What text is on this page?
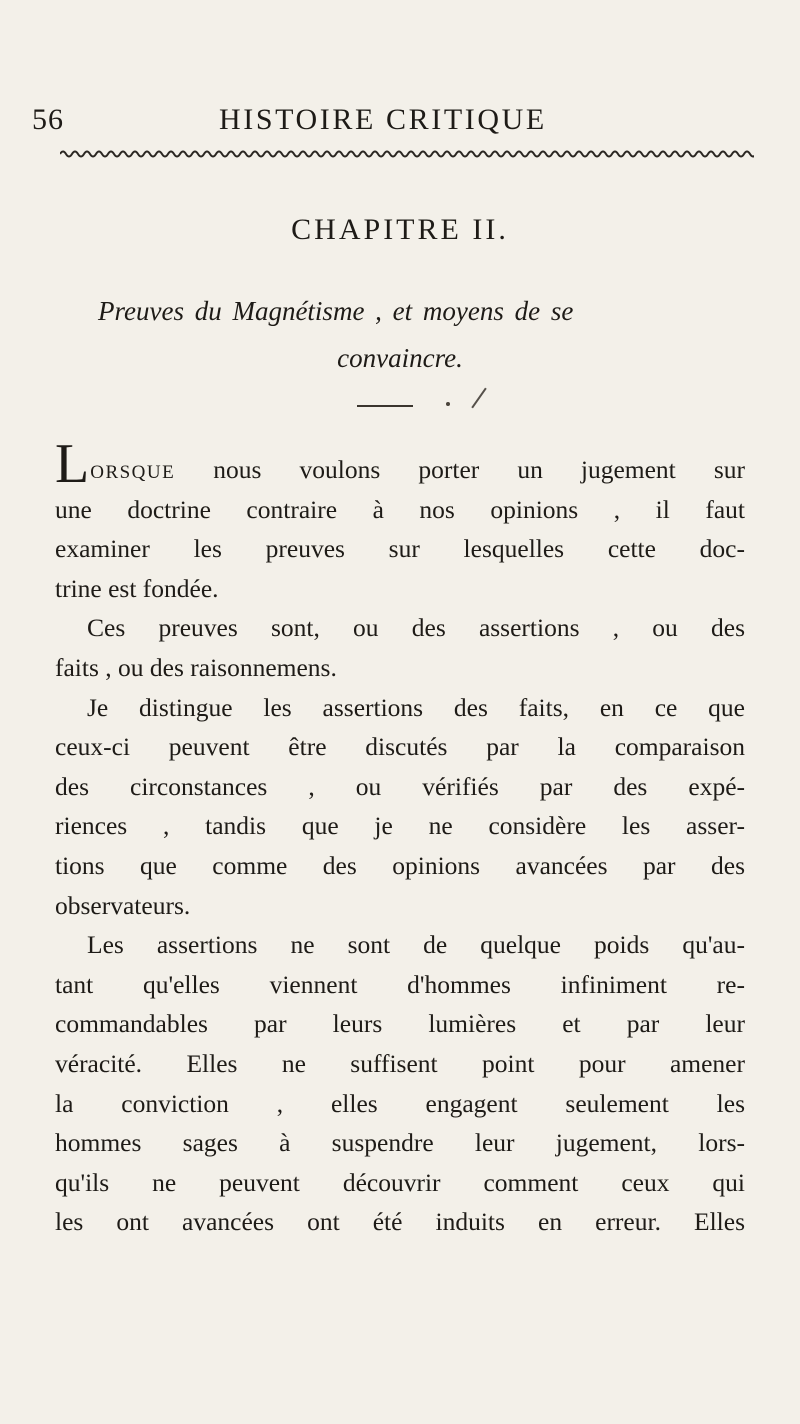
56	HISTOIRE CRITIQUE
CHAPITRE II.
Preuves du Magnétisme , et moyens de se
convaincre.
LORSQUE nous voulons porter un jugement sur
une doctrine contraire à nos opinions , il faut
examiner les preuves sur lesquelles cette doc-
trine est fondée.
Ces preuves sont, ou des assertions , ou des
faits , ou des raisonnemens.
Je distingue les assertions des faits, en ce que
ceux-ci peuvent être discutés par la comparaison
des circonstances , ou vérifiés par des expé-
riences , tandis que je ne considère les asser-
tions que comme des opinions avancées par des
observateurs.
Les assertions ne sont de quelque poids qu'au-
tant qu'elles viennent d'hommes infiniment re-
commandables par leurs lumières et par leur
véracité. Elles ne suffisent point pour amener
la conviction , elles engagent seulement les
hommes sages à suspendre leur jugement, lors-
qu'ils ne peuvent découvrir comment ceux qui
les ont avancées ont été induits en erreur. Elles
